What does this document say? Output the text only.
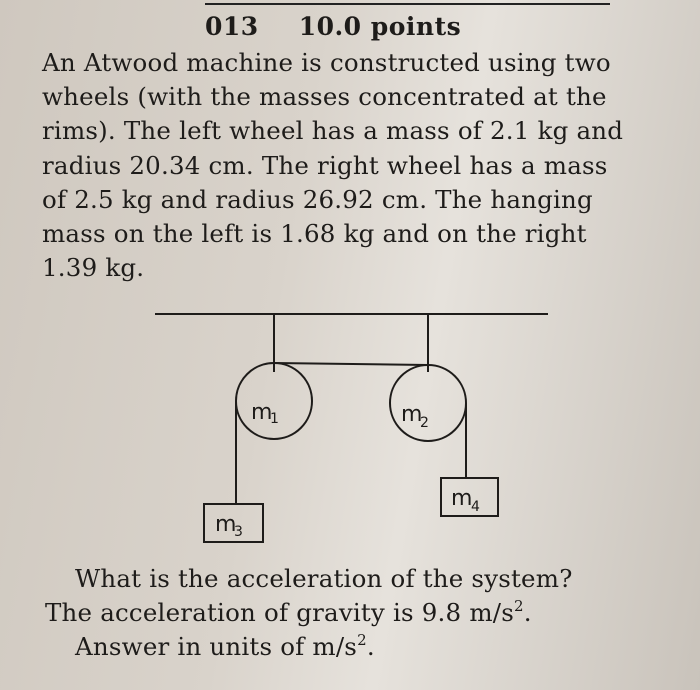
013 10.0 points
An Atwood machine is constructed using two
wheels (with the masses concentrated at the
rims). The left wheel has a mass of 2.1 kg and
radius 20.34 cm. The right wheel has a mass
of 2.5 kg and radius 26.92 cm. The hanging
mass on the left is 1.68 kg and on the right
1.39 kg.
m
1	m
2
m
3
m
4
What is the acceleration of the system?
The acceleration of gravity is 9.8 $m/s^2$.
Answer in units of $m/s^2$.
